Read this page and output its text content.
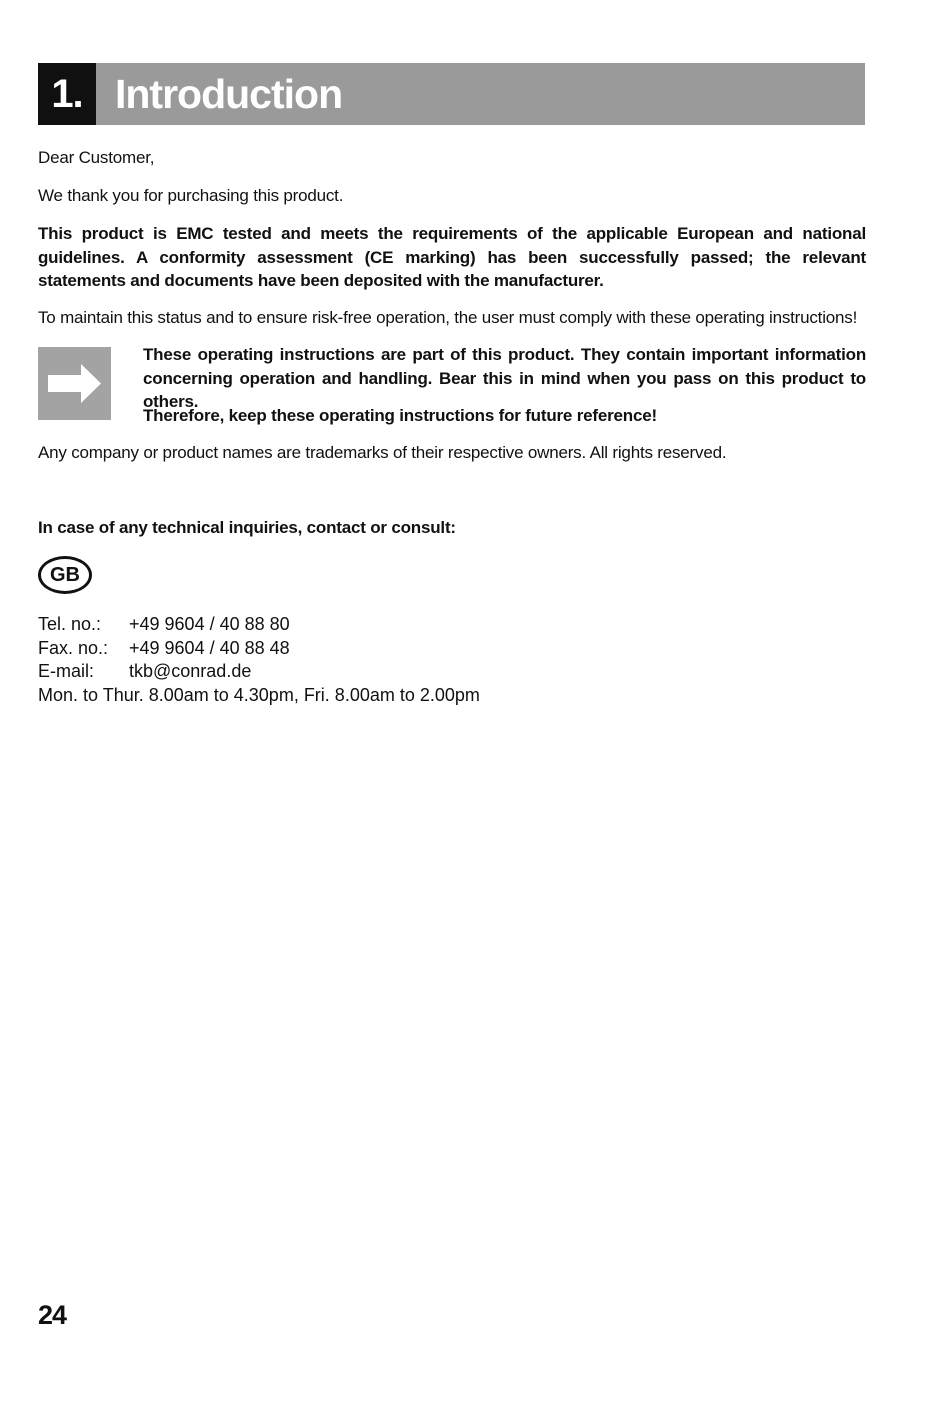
1. Introduction

Dear Customer,

We thank you for purchasing this product.

This product is EMC tested and meets the requirements of the applicable European and national guidelines. A conformity assessment (CE marking) has been successfully passed; the relevant statements and documents have been deposited with the manufacturer.

To maintain this status and to ensure risk-free operation, the user must comply with these operating instructions!

These operating instructions are part of this product. They contain important information concerning operation and handling. Bear this in mind when you pass on this product to others.

Therefore, keep these operating instructions for future reference!

Any company or product names are trademarks of their respective owners. All rights reserved.

In case of any technical inquiries, contact or consult:

GB
Tel. no.:	+49 9604 / 40 88 80
Fax. no.:	+49 9604 / 40 88 48
E-mail:	tkb@conrad.de
Mon. to Thur. 8.00am to 4.30pm, Fri. 8.00am to 2.00pm
24
